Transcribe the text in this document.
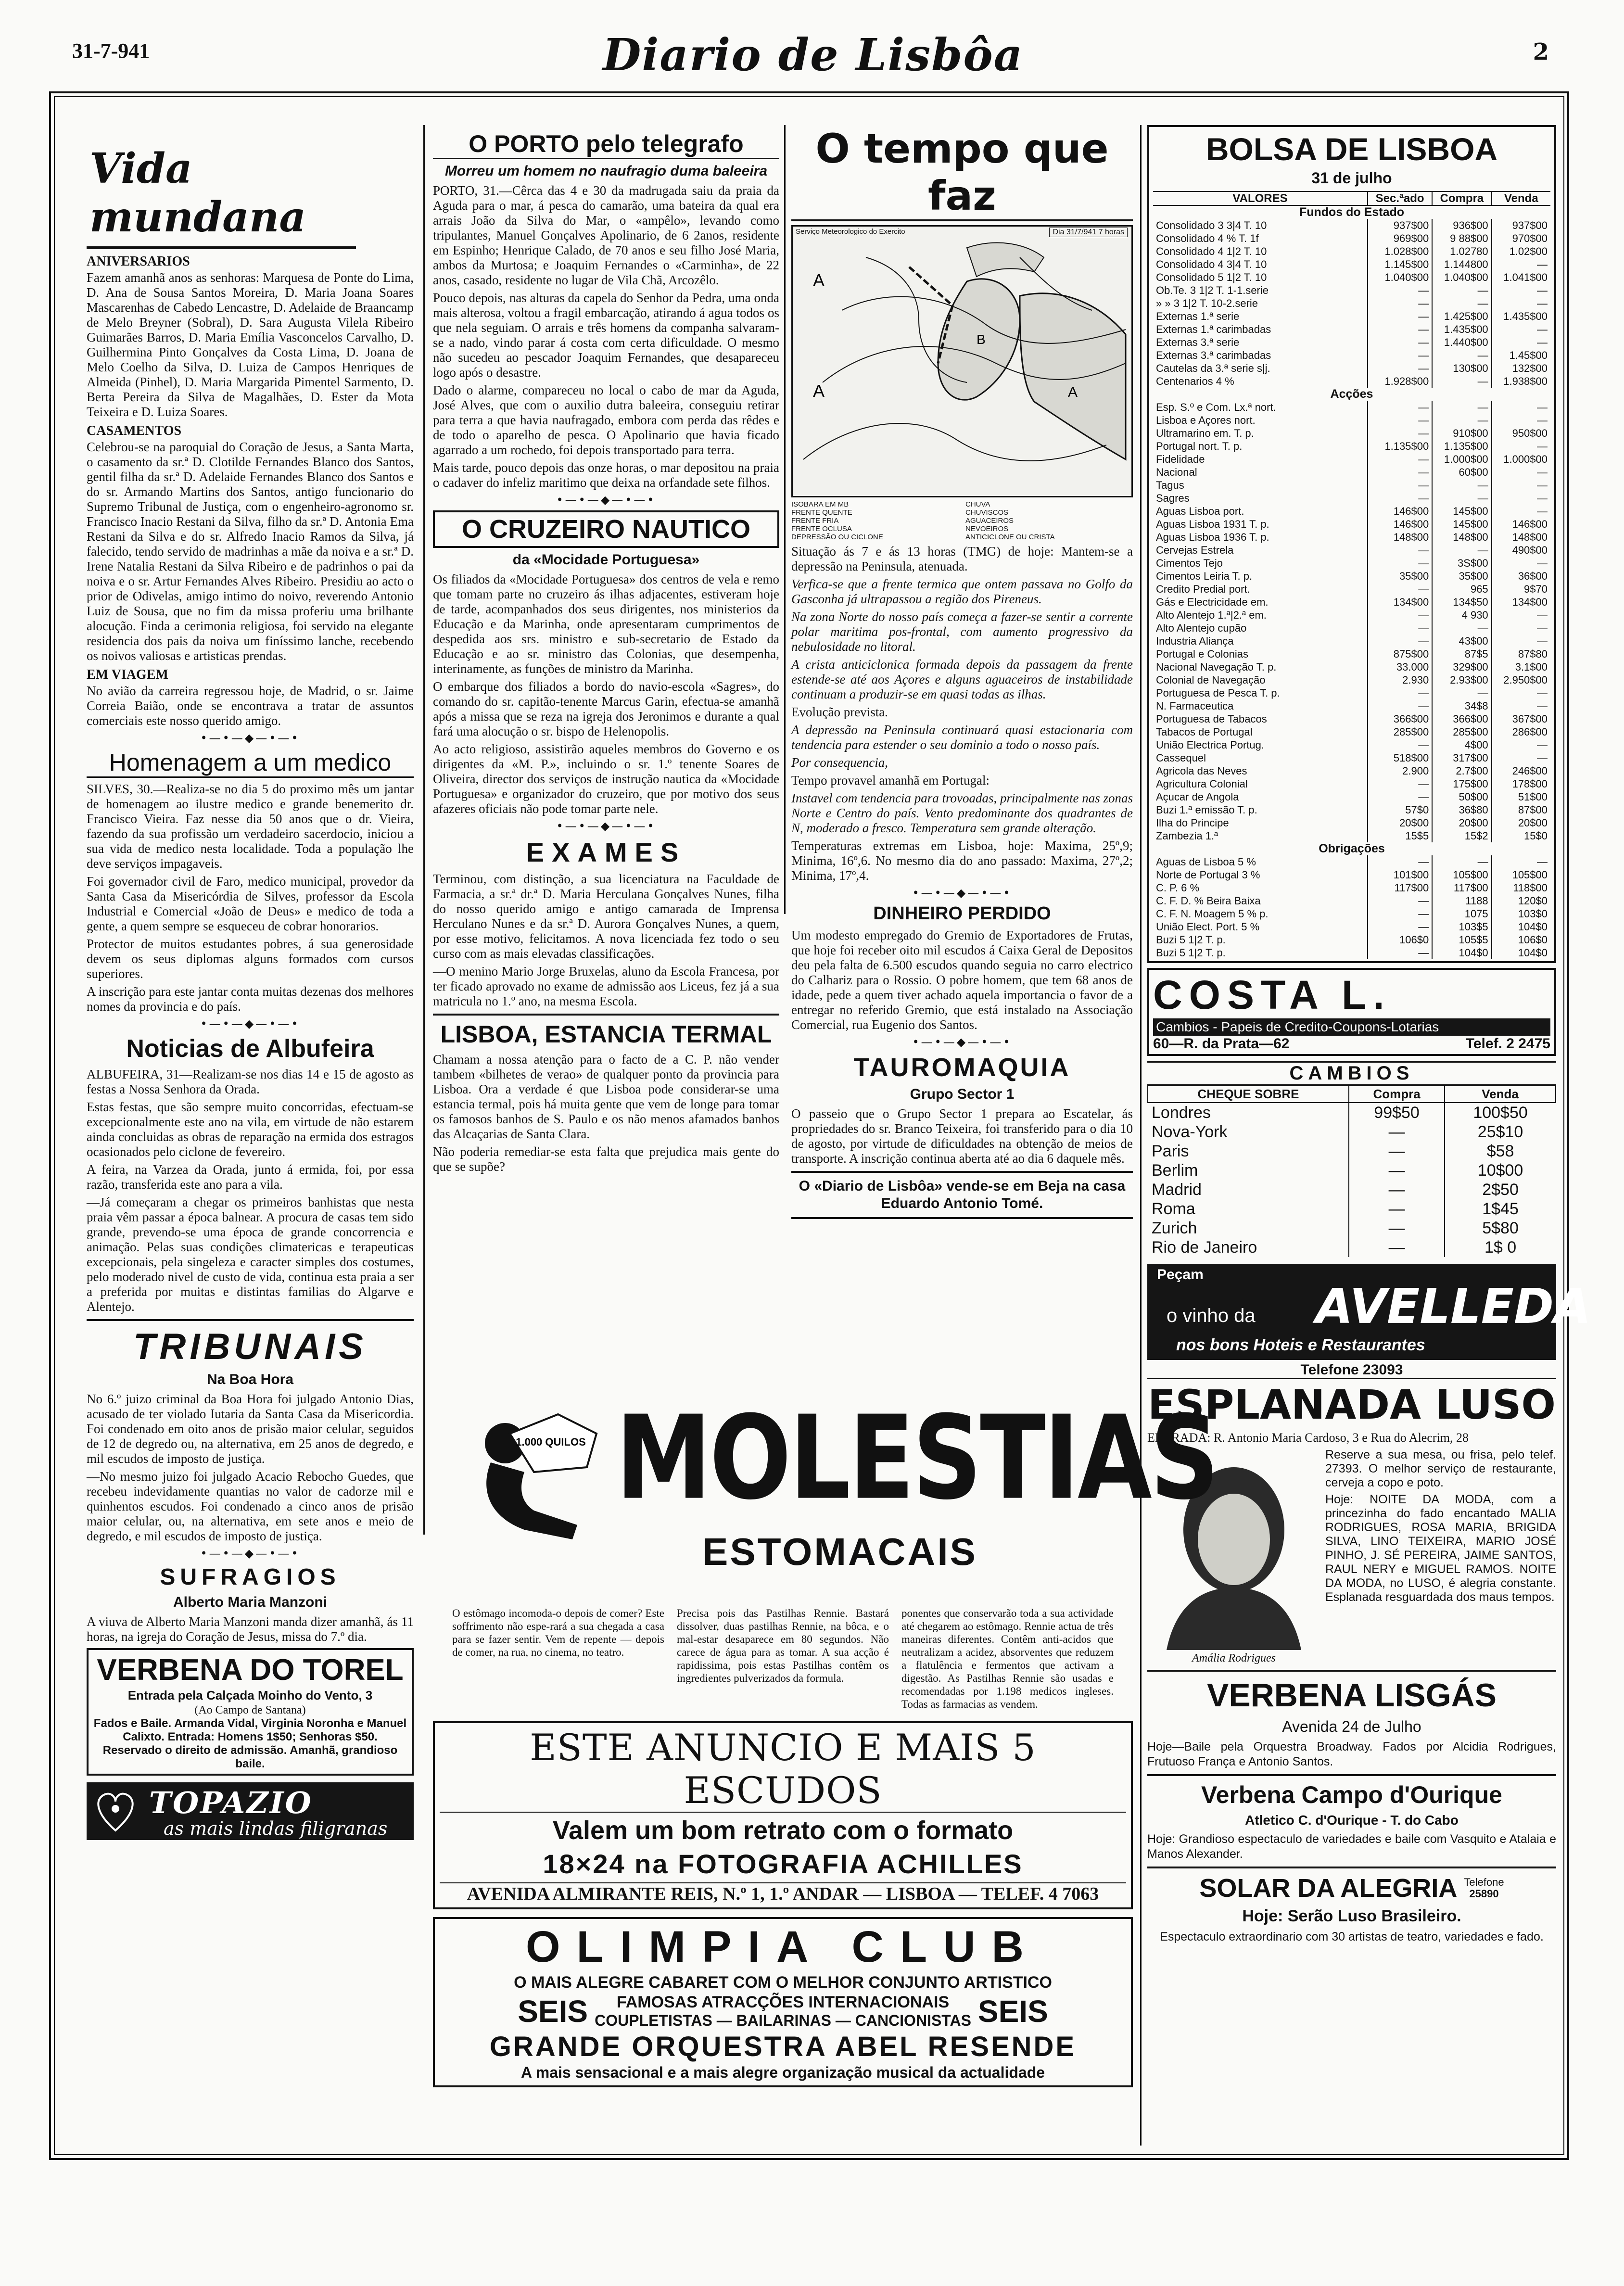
31-7-941	Diario de Lisbôa	2
Vida mundana
ANIVERSARIOS

Fazem amanhã anos as senhoras: Marquesa de Ponte do Lima, D. Ana de Sousa Santos Moreira, D. Maria Joana Soares Mascarenhas de Cabedo Lencastre, D. Adelaide de Braancamp de Melo Breyner (Sobral), D. Sara Augusta Vilela Ribeiro Guimarães Barros, D. Maria Emília Vasconcelos Carvalho, D. Guilhermina Pinto Gonçalves da Costa Lima, D. Joana de Melo Coelho da Silva, D. Luiza de Campos Henriques de Almeida (Pinhel), D. Maria Margarida Pimentel Sarmento, D. Berta Pereira da Silva de Magalhães, D. Ester da Mota Teixeira e D. Luiza Soares.

CASAMENTOS

Celebrou-se na paroquial do Coração de Jesus, a Santa Marta, o casamento da sr.ª D. Clotilde Fernandes Blanco dos Santos, gentil filha da sr.ª D. Adelaide Fernandes Blanco dos Santos e do sr. Armando Martins dos Santos, antigo funcionario do Supremo Tribunal de Justiça, com o engenheiro-agronomo sr. Francisco Inacio Restani da Silva, filho da sr.ª D. Antonia Ema Restani da Silva e do sr. Alfredo Inacio Ramos da Silva, já falecido, tendo servido de madrinhas a mãe da noiva e a sr.ª D. Irene Natalia Restani da Silva Ribeiro e de padrinhos o pai da noiva e o sr. Artur Fernandes Alves Ribeiro. Presidiu ao acto o prior de Odivelas, amigo intimo do noivo, reverendo Antonio Luiz de Sousa, que no fim da missa proferiu uma brilhante alocução. Finda a cerimonia religiosa, foi servido na elegante residencia dos pais da noiva um finíssimo lanche, recebendo os noivos valiosas e artisticas prendas.

EM VIAGEM

No avião da carreira regressou hoje, de Madrid, o sr. Jaime Correia Baião, onde se encontrava a tratar de assuntos comerciais este nosso querido amigo.

•—•—◆—•—•
Homenagem a um medico

SILVES, 30.—Realiza-se no dia 5 do proximo mês um jantar de homenagem ao ilustre medico e grande benemerito dr. Francisco Vieira. Faz nesse dia 50 anos que o dr. Vieira, fazendo da sua profissão um verdadeiro sacerdocio, iniciou a sua vida de medico nesta localidade. Toda a população lhe deve serviços impagaveis.

Foi governador civil de Faro, medico municipal, provedor da Santa Casa da Misericórdia de Silves, professor da Escola Industrial e Comercial «João de Deus» e medico de toda a gente, a quem sempre se esqueceu de cobrar honorarios.

Protector de muitos estudantes pobres, á sua generosidade devem os seus diplomas alguns formados com cursos superiores.

A inscrição para este jantar conta muitas dezenas dos melhores nomes da provincia e do país.

•—•—◆—•—•
Noticias de Albufeira

ALBUFEIRA, 31—Realizam-se nos dias 14 e 15 de agosto as festas a Nossa Senhora da Orada.

Estas festas, que são sempre muito concorridas, efectuam-se excepcionalmente este ano na vila, em virtude de não estarem ainda concluidas as obras de reparação na ermida dos estragos ocasionados pelo ciclone de fevereiro.

A feira, na Varzea da Orada, junto á ermida, foi, por essa razão, transferida este ano para a vila.

—Já começaram a chegar os primeiros banhistas que nesta praia vêm passar a época balnear. A procura de casas tem sido grande, prevendo-se uma época de grande concorrencia e animação. Pelas suas condições climatericas e terapeuticas excepcionais, pela singeleza e caracter simples dos costumes, pelo moderado nivel de custo de vida, continua esta praia a ser a preferida por muitas e distintas familias do Algarve e Alentejo.

TRIBUNAIS
Na Boa Hora

No 6.º juizo criminal da Boa Hora foi julgado Antonio Dias, acusado de ter violado Iutaria da Santa Casa da Misericordia. Foi condenado em oito anos de prisão maior celular, seguidos de 12 de degredo ou, na alternativa, em 25 anos de degredo, e mil escudos de imposto de justiça.

—No mesmo juizo foi julgado Acacio Rebocho Guedes, que recebeu indevidamente quantias no valor de cadorze mil e quinhentos escudos. Foi condenado a cinco anos de prisão maior celular, ou, na alternativa, em sete anos e meio de degredo, e mil escudos de imposto de justiça.

•—•—◆—•—•
SUFRAGIOS
Alberto Maria Manzoni

A viuva de Alberto Maria Manzoni manda dizer amanhã, ás 11 horas, na igreja do Coração de Jesus, missa do 7.º dia.

VERBENA DO TOREL
Entrada pela Calçada Moinho do Vento, 3
(Ao Campo de Santana)
Fados e Baile. Armanda Vidal, Virginia Noronha e Manuel Calixto. Entrada: Homens 1$50; Senhoras $50. Reservado o direito de admissão. Amanhã, grandioso baile.
TOPAZIO
as mais lindas filigranas
O PORTO pelo telegrafo
Morreu um homem no naufragio duma baleeira

PORTO, 31.—Cêrca das 4 e 30 da madrugada saiu da praia da Aguda para o mar, á pesca do camarão, uma bateira da qual era arrais João da Silva do Mar, o «ampêlo», levando como tripulantes, Manuel Gonçalves Apolinario, de 6 2anos, residente em Espinho; Henrique Calado, de 70 anos e seu filho José Maria, ambos da Murtosa; e Joaquim Fernandes o «Carminha», de 22 anos, casado, residente no lugar de Vila Chã, Arcozêlo.

Pouco depois, nas alturas da capela do Senhor da Pedra, uma onda mais alterosa, voltou a fragil embarcação, atirando á agua todos os que nela seguiam. O arrais e três homens da companha salvaram-se a nado, vindo parar á costa com certa dificuldade. O mesmo não sucedeu ao pescador Joaquim Fernandes, que desapareceu logo após o desastre.

Dado o alarme, compareceu no local o cabo de mar da Aguda, José Alves, que com o auxilio dutra baleeira, conseguiu retirar para terra a que havia naufragado, embora com perda das rêdes e de todo o aparelho de pesca. O Apolinario que havia ficado agarrado a um rochedo, foi depois transportado para terra.

Mais tarde, pouco depois das onze horas, o mar depositou na praia o cadaver do infeliz maritimo que deixa na orfandade sete filhos.

•—•—◆—•—•
O CRUZEIRO NAUTICO
da «Mocidade Portuguesa»

Os filiados da «Mocidade Portuguesa» dos centros de vela e remo que tomam parte no cruzeiro ás ilhas adjacentes, estiveram hoje de tarde, acompanhados dos seus dirigentes, nos ministerios da Educação e da Marinha, onde apresentaram cumprimentos de despedida aos srs. ministro e sub-secretario de Estado da Educação e ao sr. ministro das Colonias, que desempenha, interinamente, as funções de ministro da Marinha.

O embarque dos filiados a bordo do navio-escola «Sagres», do comando do sr. capitão-tenente Marcus Garin, efectua-se amanhã após a missa que se reza na igreja dos Jeronimos e durante a qual fará uma alocução o sr. bispo de Helenopolis.

Ao acto religioso, assistirão aqueles membros do Governo e os dirigentes da «M. P.», incluindo o sr. 1.º tenente Soares de Oliveira, director dos serviços de instrução nautica da «Mocidade Portuguesa» e organizador do cruzeiro, que por motivo dos seus afazeres oficiais não pode tomar parte nele.

•—•—◆—•—•
EXAMES

Terminou, com distinção, a sua licenciatura na Faculdade de Farmacia, a sr.ª dr.ª D. Maria Herculana Gonçalves Nunes, filha do nosso querido amigo e antigo camarada de Imprensa Herculano Nunes e da sr.ª D. Aurora Gonçalves Nunes, a quem, por esse motivo, felicitamos. A nova licenciada fez todo o seu curso com as mais elevadas classificações.

—O menino Mario Jorge Bruxelas, aluno da Escola Francesa, por ter ficado aprovado no exame de admissão aos Liceus, fez já a sua matricula no 1.º ano, na mesma Escola.

LISBOA, ESTANCIA TERMAL

Chamam a nossa atenção para o facto de a C. P. não vender tambem «bilhetes de verao» de qualquer ponto da provincia para Lisboa. Ora a verdade é que Lisboa pode considerar-se uma estancia termal, pois há muita gente que vem de longe para tomar os famosos banhos de S. Paulo e os não menos afamados banhos das Alcaçarias de Santa Clara.

Não poderia remediar-se esta falta que prejudica mais gente do que se supõe?

O tempo que faz
Serviço Meteorologico do Exercito	Dia 31/7/941 7 horas
A
A	A
B
ISOBARA EM MB
FRENTE QUENTE
FRENTE FRIA
FRENTE OCLUSA
DEPRESSÃO OU CICLONE
CHUVA
CHUVISCOS
AGUACEIROS
NEVOEIROS
ANTICICLONE OU CRISTA

Situação ás 7 e ás 13 horas (TMG) de hoje: Mantem-se a depressão na Peninsula, atenuada.

Verfica-se que a frente termica que ontem passava no Golfo da Gasconha já ultrapassou a região dos Pireneus.

Na zona Norte do nosso país começa a fazer-se sentir a corrente polar maritima pos-frontal, com aumento progressivo da nebulosidade no litoral.

A crista anticiclonica formada depois da passagem da frente estende-se até aos Açores e alguns aguaceiros de instabilidade continuam a produzir-se em quasi todas as ilhas.

Evolução prevista.

A depressão na Peninsula continuará quasi estacionaria com tendencia para estender o seu dominio a todo o nosso país.

Por consequencia,

Tempo provavel amanhã em Portugal:

Instavel com tendencia para trovoadas, principalmente nas zonas Norte e Centro do país. Vento predominante dos quadrantes de N, moderado a fresco. Temperatura sem grande alteração.

Temperaturas extremas em Lisboa, hoje: Maxima, 25º,9; Minima, 16º,6. No mesmo dia do ano passado: Maxima, 27º,2; Minima, 17º,4.

•—•—◆—•—•
DINHEIRO PERDIDO

Um modesto empregado do Gremio de Exportadores de Frutas, que hoje foi receber oito mil escudos á Caixa Geral de Depositos deu pela falta de 6.500 escudos quando seguia no carro electrico do Calhariz para o Rossio. O pobre homem, que tem 68 anos de idade, pede a quem tiver achado aquela importancia o favor de a entregar no referido Gremio, que está instalado na Associação Comercial, rua Eugenio dos Santos.

•—•—◆—•—•
TAUROMAQUIA
Grupo Sector 1

O passeio que o Grupo Sector 1 prepara ao Escatelar, ás propriedades do sr. Branco Teixeira, foi transferido para o dia 10 de agosto, por virtude de dificuldades na obtenção de meios de transporte. A inscrição continua aberta até ao dia 6 daquele mês.

O «Diario de Lisbôa» vende-se em Beja na casa Eduardo Antonio Tomé.
BOLSA DE LISBOA
31 de julho
VALORES	Sec.ªado	Compra	Venda
Fundos do Estado			
Consolidado 3 3|4 T. 10	937$00	936$00	937$00
Consolidado 4 % T. 1f	969$00	9 88$00	970$00
Consolidado 4 1|2 T. 10	1.028$00	1.02780	1.02$00
Consolidado 4 3|4 T. 10	1.145$00	1.144800	—
Consolidado 5 1|2 T. 10	1.040$00	1.040$00	1.041$00
Ob.Te. 3 1|2 T. 1-1.serie	—	—	—
» » 3 1|2 T. 10-2.serie	—	—	—
Externas 1.ª serie	—	1.425$00	1.435$00
Externas 1.ª carimbadas	—	1.435$00	—
Externas 3.ª serie	—	1.440$00	—
Externas 3.ª carimbadas	—	—	1.45$00
Cautelas da 3.ª serie s|j.	—	130$00	132$00
Centenarios 4 %	1.928$00	—	1.938$00
Acções			
Esp. S.º e Com. Lx.ª nort.	—	—	—
Lisboa e Açores nort.	—	—	—
Ultramarino em. T. p.	—	910$00	950$00
Portugal nort. T. p.	1.135$00	1.135$00	—
Fidelidade	—	1.000$00	1.000$00
Nacional	—	60$00	—
Tagus	—	—	—
Sagres	—	—	—
Aguas Lisboa port.	146$00	145$00	—
Aguas Lisboa 1931 T. p.	146$00	145$00	146$00
Aguas Lisboa 1936 T. p.	148$00	148$00	148$00
Cervejas Estrela	—	—	490$00
Cimentos Tejo	—	3S$00	—
Cimentos Leiria T. p.	35$00	35$00	36$00
Credito Predial port.	—	965	9$70
Gás e Electricidade em.	134$00	134$50	134$00
Alto Alentejo 1.ª|2.ª em.	—	4 930	—
Alto Alentejo cupão	—	—	—
Industria Aliança	—	43$00	—
Portugal e Colonias	875$00	87$5	87$80
Nacional Navegação T. p.	33.000	329$00	3.1$00
Colonial de Navegação	2.930	2.93$00	2.950$00
Portuguesa de Pesca T. p.	—	—	—
N. Farmaceutica	—	34$8	—
Portuguesa de Tabacos	366$00	366$00	367$00
Tabacos de Portugal	285$00	285$00	286$00
União Electrica Portug.	—	4$00	—
Cassequel	518$00	317$00	—
Agricola das Neves	2.900	2.7$00	246$00
Agricultura Colonial	—	175$00	178$00
Açucar de Angola	—	50$00	51$00
Buzi 1.ª emissão T. p.	57$0	36$80	87$00
Ilha do Principe	20$00	20$00	20$00
Zambezia 1.ª	15$5	15$2	15$0
Obrigações			
Aguas de Lisboa 5 %	—	—	—
Norte de Portugal 3 %	101$00	105$00	105$00
C. P. 6 %	117$00	117$00	118$00
C. F. D. % Beira Baixa	—	1188	120$0
C. F. N. Moagem 5 % p.	—	1075	103$0
União Elect. Port. 5 %	—	103$5	104$0
Buzi 5 1|2 T. p.	106$0	105$5	106$0
Buzi 5 1|2 T. p.	—	104$0	104$0
COSTA L.
Cambios - Papeis de Credito-Coupons-Lotarias
60—R. da Prata—62	Telef. 2 2475
CAMBIOS
CHEQUE SOBRE	Compra	Venda
Londres	99$50	100$50
Nova-York	—	25$10
Paris	—	$58
Berlim	—	10$00
Madrid	—	2$50
Roma	—	1$45
Zurich	—	5$80
Rio de Janeiro	—	1$ 0
Peçam
o vinho da AVELLEDA
nos bons Hoteis e Restaurantes
Telefone 23093
ESPLANADA LUSO

ENTRADA: R. Antonio Maria Cardoso, 3 e Rua do Alecrim, 28

Amália Rodrigues

Reserve a sua mesa, ou frisa, pelo telef. 27393. O melhor serviço de restaurante, cerveja a copo e poto.

Hoje: NOITE DA MODA, com a princezinha do fado encantado MALIA RODRIGUES, ROSA MARIA, BRIGIDA SILVA, LINO TEIXEIRA, MARIO JOSÉ PINHO, J. SÉ PEREIRA, JAIME SANTOS, RAUL NERY e MIGUEL RAMOS. NOITE DA MODA, no LUSO, é alegria constante. Esplanada resguardada dos maus tempos.

VERBENA LISGÁS
Avenida 24 de Julho

Hoje—Baile pela Orquestra Broadway. Fados por Alcidia Rodrigues, Frutuoso França e Antonio Santos.

Verbena Campo d'Ourique
Atletico C. d'Ourique - T. do Cabo

Hoje: Grandioso espectaculo de variedades e baile com Vasquito e Atalaia e Manos Alexander.

SOLAR DA ALEGRIA Telefone
25890
Hoje: Serão Luso Brasileiro.

Espectaculo extraordinario com 30 artistas de teatro, variedades e fado.

1.000 QUILOS MOLESTIAS
ESTOMACAIS

O estômago incomoda-o depois de comer? Este soffrimento não espe-rará a sua chegada a casa para se fazer sentir. Vem de repente — depois de comer, na rua, no cinema, no teatro.

Precisa pois das Pastilhas Rennie. Bastará dissolver, duas pastilhas Rennie, na bôca, e o mal-estar desaparece em 80 segundos. Não carece de água para as tomar. A sua acção é rapidissima, pois estas Pastilhas contêm os ingredientes pulverizados da formula.

ponentes que conservarão toda a sua actividade até chegarem ao estômago. Rennie actua de três maneiras diferentes. Contêm anti-acidos que neutralizam a acidez, absorventes que reduzem a flatulência e fermentos que activam a digestão. As Pastilhas Rennie são usadas e recomendadas por 1.198 medicos ingleses. Todas as farmacias as vendem.

ESTE ANUNCIO E MAIS 5 ESCUDOS
Valem um bom retrato com o formato
18×24 na FOTOGRAFIA ACHILLES
AVENIDA ALMIRANTE REIS, N.º 1, 1.º ANDAR — LISBOA — TELEF. 4 7063
OLIMPIA CLUB
O MAIS ALEGRE CABARET COM O MELHOR CONJUNTO ARTISTICO
SEIS	FAMOSAS ATRACÇÕES INTERNACIONAIS
COUPLETISTAS — BAILARINAS — CANCIONISTAS SEIS
GRANDE ORQUESTRA ABEL RESENDE
A mais sensacional e a mais alegre organização musical da actualidade
